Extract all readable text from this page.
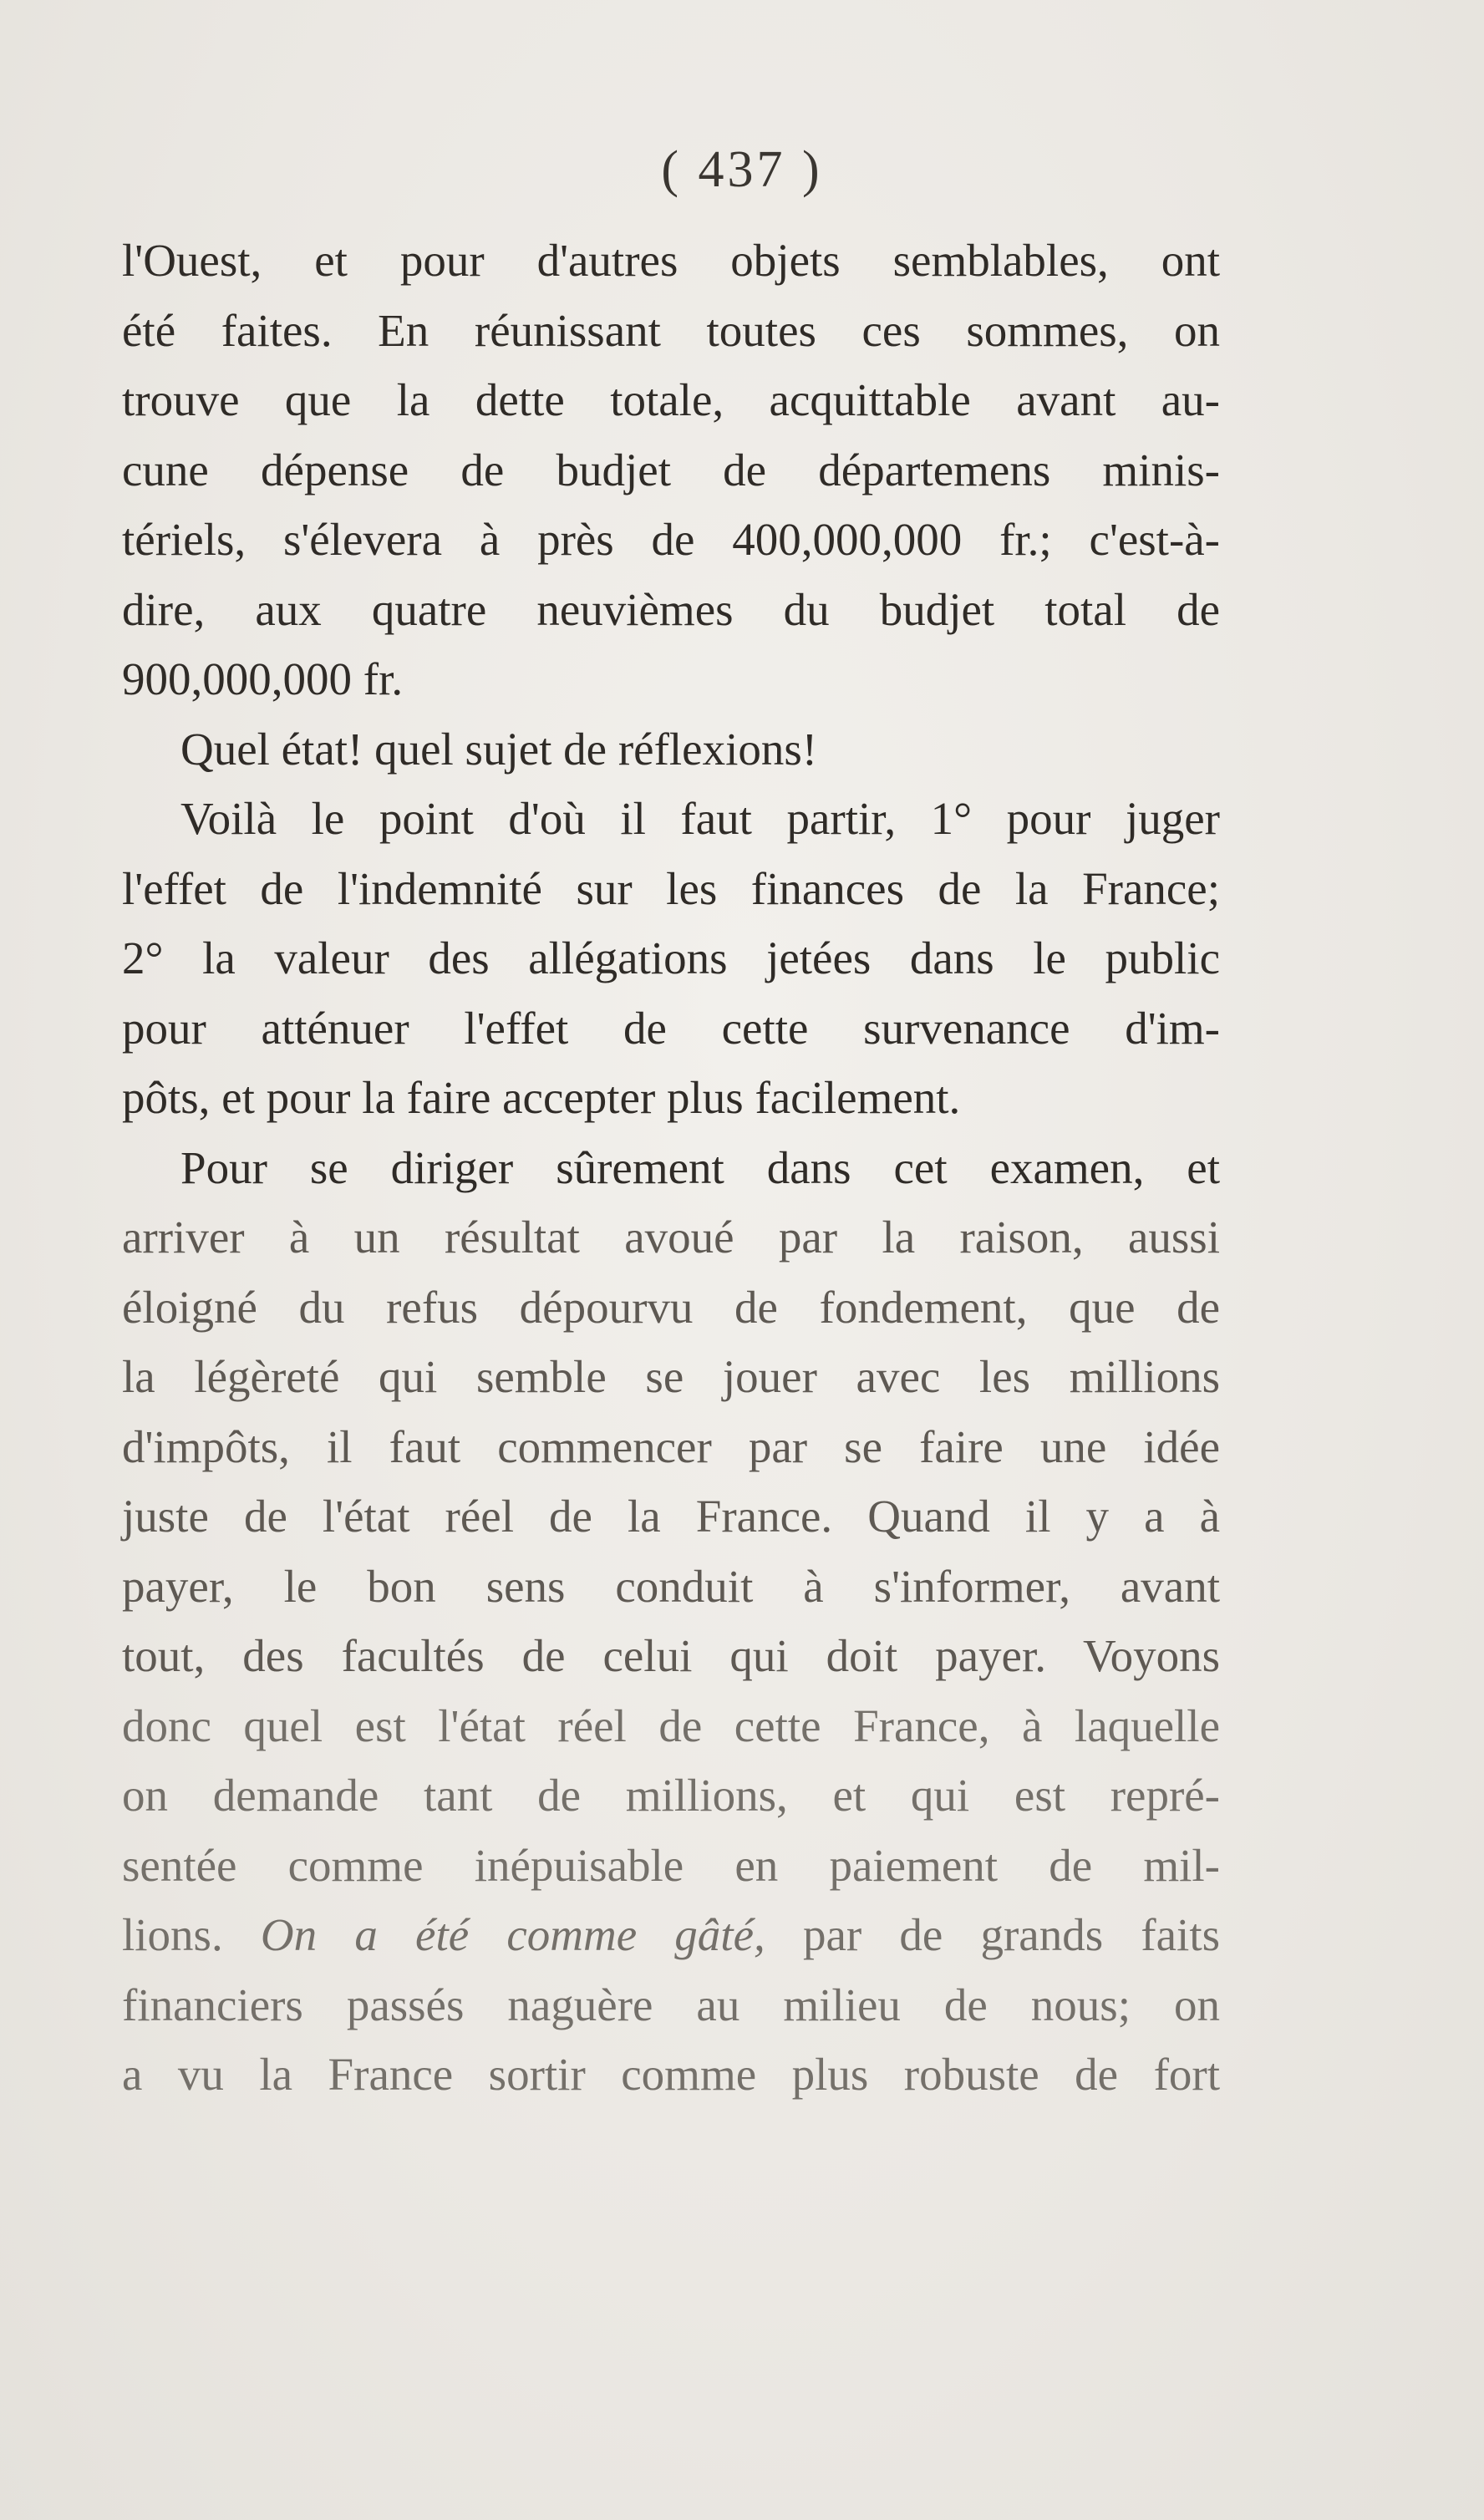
( 437 )
l'Ouest, et pour d'autres objets semblables, ont
été faites. En réunissant toutes ces sommes, on
trouve que la dette totale, acquittable avant au-
cune dépense de budjet de départemens minis-
tériels, s'élevera à près de 400,000,000 fr.; c'est-à-
dire, aux quatre neuvièmes du budjet total de
900,000,000 fr.
Quel état! quel sujet de réflexions!
Voilà le point d'où il faut partir, 1° pour juger
l'effet de l'indemnité sur les finances de la France;
2° la valeur des allégations jetées dans le public
pour atténuer l'effet de cette survenance d'im-
pôts, et pour la faire accepter plus facilement.
Pour se diriger sûrement dans cet examen, et
arriver à un résultat avoué par la raison, aussi
éloigné du refus dépourvu de fondement, que de
la légèreté qui semble se jouer avec les millions
d'impôts, il faut commencer par se faire une idée
juste de l'état réel de la France. Quand il y a à
payer, le bon sens conduit à s'informer, avant
tout, des facultés de celui qui doit payer. Voyons
donc quel est l'état réel de cette France, à laquelle
on demande tant de millions, et qui est repré-
sentée comme inépuisable en paiement de mil-
lions. On a été comme gâté, par de grands faits
financiers passés naguère au milieu de nous; on
a vu la France sortir comme plus robuste de fort
